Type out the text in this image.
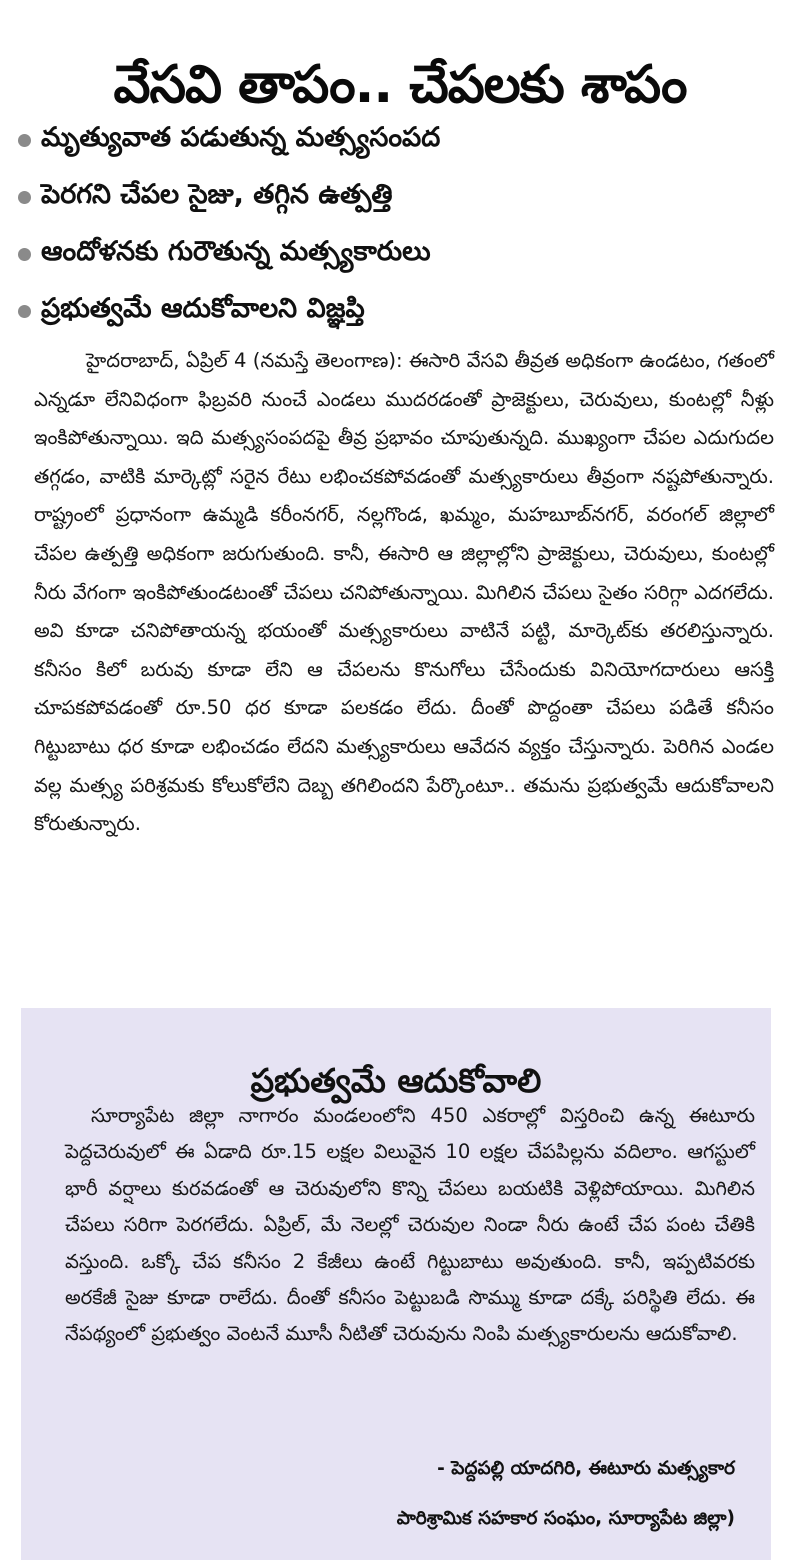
వేసవి తాపం.. చేపలకు శాపం
మృత్యువాత పడుతున్న మత్స్యసంపద
పెరగని చేపల సైజు, తగ్గిన ఉత్పత్తి
ఆందోళనకు గురౌతున్న మత్స్యకారులు
ప్రభుత్వమే ఆదుకోవాలని విజ్ఞప్తి

హైదరాబాద్, ఏప్రిల్ 4 (నమస్తే తెలంగాణ): ఈసారి వేసవి తీవ్రత అధికంగా ఉండటం, గతంలో ఎన్నడూ లేనివిధంగా ఫిబ్రవరి నుంచే ఎండలు ముదరడంతో ప్రాజెక్టులు, చెరువులు, కుంటల్లో నీళ్లు ఇంకిపోతున్నాయి. ఇది మత్స్యసంపదపై తీవ్ర ప్రభావం చూపుతున్నది. ముఖ్యంగా చేపల ఎదుగుదల తగ్గడం, వాటికి మార్కెట్లో సరైన రేటు లభించకపోవడంతో మత్స్యకారులు తీవ్రంగా నష్టపోతున్నారు. రాష్ట్రంలో ప్రధానంగా ఉమ్మడి కరీంనగర్, నల్లగొండ, ఖమ్మం, మహబూబ్‌నగర్, వరంగల్ జిల్లాలో చేపల ఉత్పత్తి అధికంగా జరుగుతుంది. కానీ, ఈసారి ఆ జిల్లాల్లోని ప్రాజెక్టులు, చెరువులు, కుంటల్లో నీరు వేగంగా ఇంకిపోతుండటంతో చేపలు చనిపోతున్నాయి. మిగిలిన చేపలు సైతం సరిగ్గా ఎదగలేదు. అవి కూడా చనిపోతాయన్న భయంతో మత్స్యకారులు వాటినే పట్టి, మార్కెట్‌కు తరలిస్తున్నారు. కనీసం కిలో బరువు కూడా లేని ఆ చేపలను కొనుగోలు చేసేందుకు వినియోగదారులు ఆసక్తి చూపకపోవడంతో రూ.50 ధర కూడా పలకడం లేదు. దీంతో పొద్దంతా చేపలు పడితే కనీసం గిట్టుబాటు ధర కూడా లభించడం లేదని మత్స్యకారులు ఆవేదన వ్యక్తం చేస్తున్నారు. పెరిగిన ఎండల వల్ల మత్స్య పరిశ్రమకు కోలుకోలేని దెబ్బ తగిలిందని పేర్కొంటూ.. తమను ప్రభుత్వమే ఆదుకోవాలని కోరుతున్నారు.

ప్రభుత్వమే ఆదుకోవాలి

సూర్యాపేట జిల్లా నాగారం మండలంలోని 450 ఎకరాల్లో విస్తరించి ఉన్న ఈటూరు పెద్దచెరువులో ఈ ఏడాది రూ.15 లక్షల విలువైన 10 లక్షల చేపపిల్లను వదిలాం. ఆగస్టులో భారీ వర్షాలు కురవడంతో ఆ చెరువులోని కొన్ని చేపలు బయటికి వెళ్లిపోయాయి. మిగిలిన చేపలు సరిగా పెరగలేదు. ఏప్రిల్, మే నెలల్లో చెరువుల నిండా నీరు ఉంటే చేప పంట చేతికి వస్తుంది. ఒక్కో చేప కనీసం 2 కేజీలు ఉంటే గిట్టుబాటు అవుతుంది. కానీ, ఇప్పటివరకు అరకేజీ సైజు కూడా రాలేదు. దీంతో కనీసం పెట్టుబడి సొమ్ము కూడా దక్కే పరిస్థితి లేదు. ఈ నేపథ్యంలో ప్రభుత్వం వెంటనే మూసీ నీటితో చెరువును నింపి మత్స్యకారులను ఆదుకోవాలి.

- పెద్దపల్లి యాదగిరి, ఈటూరు మత్స్యకార
పారిశ్రామిక సహకార సంఘం, సూర్యాపేట జిల్లా)
